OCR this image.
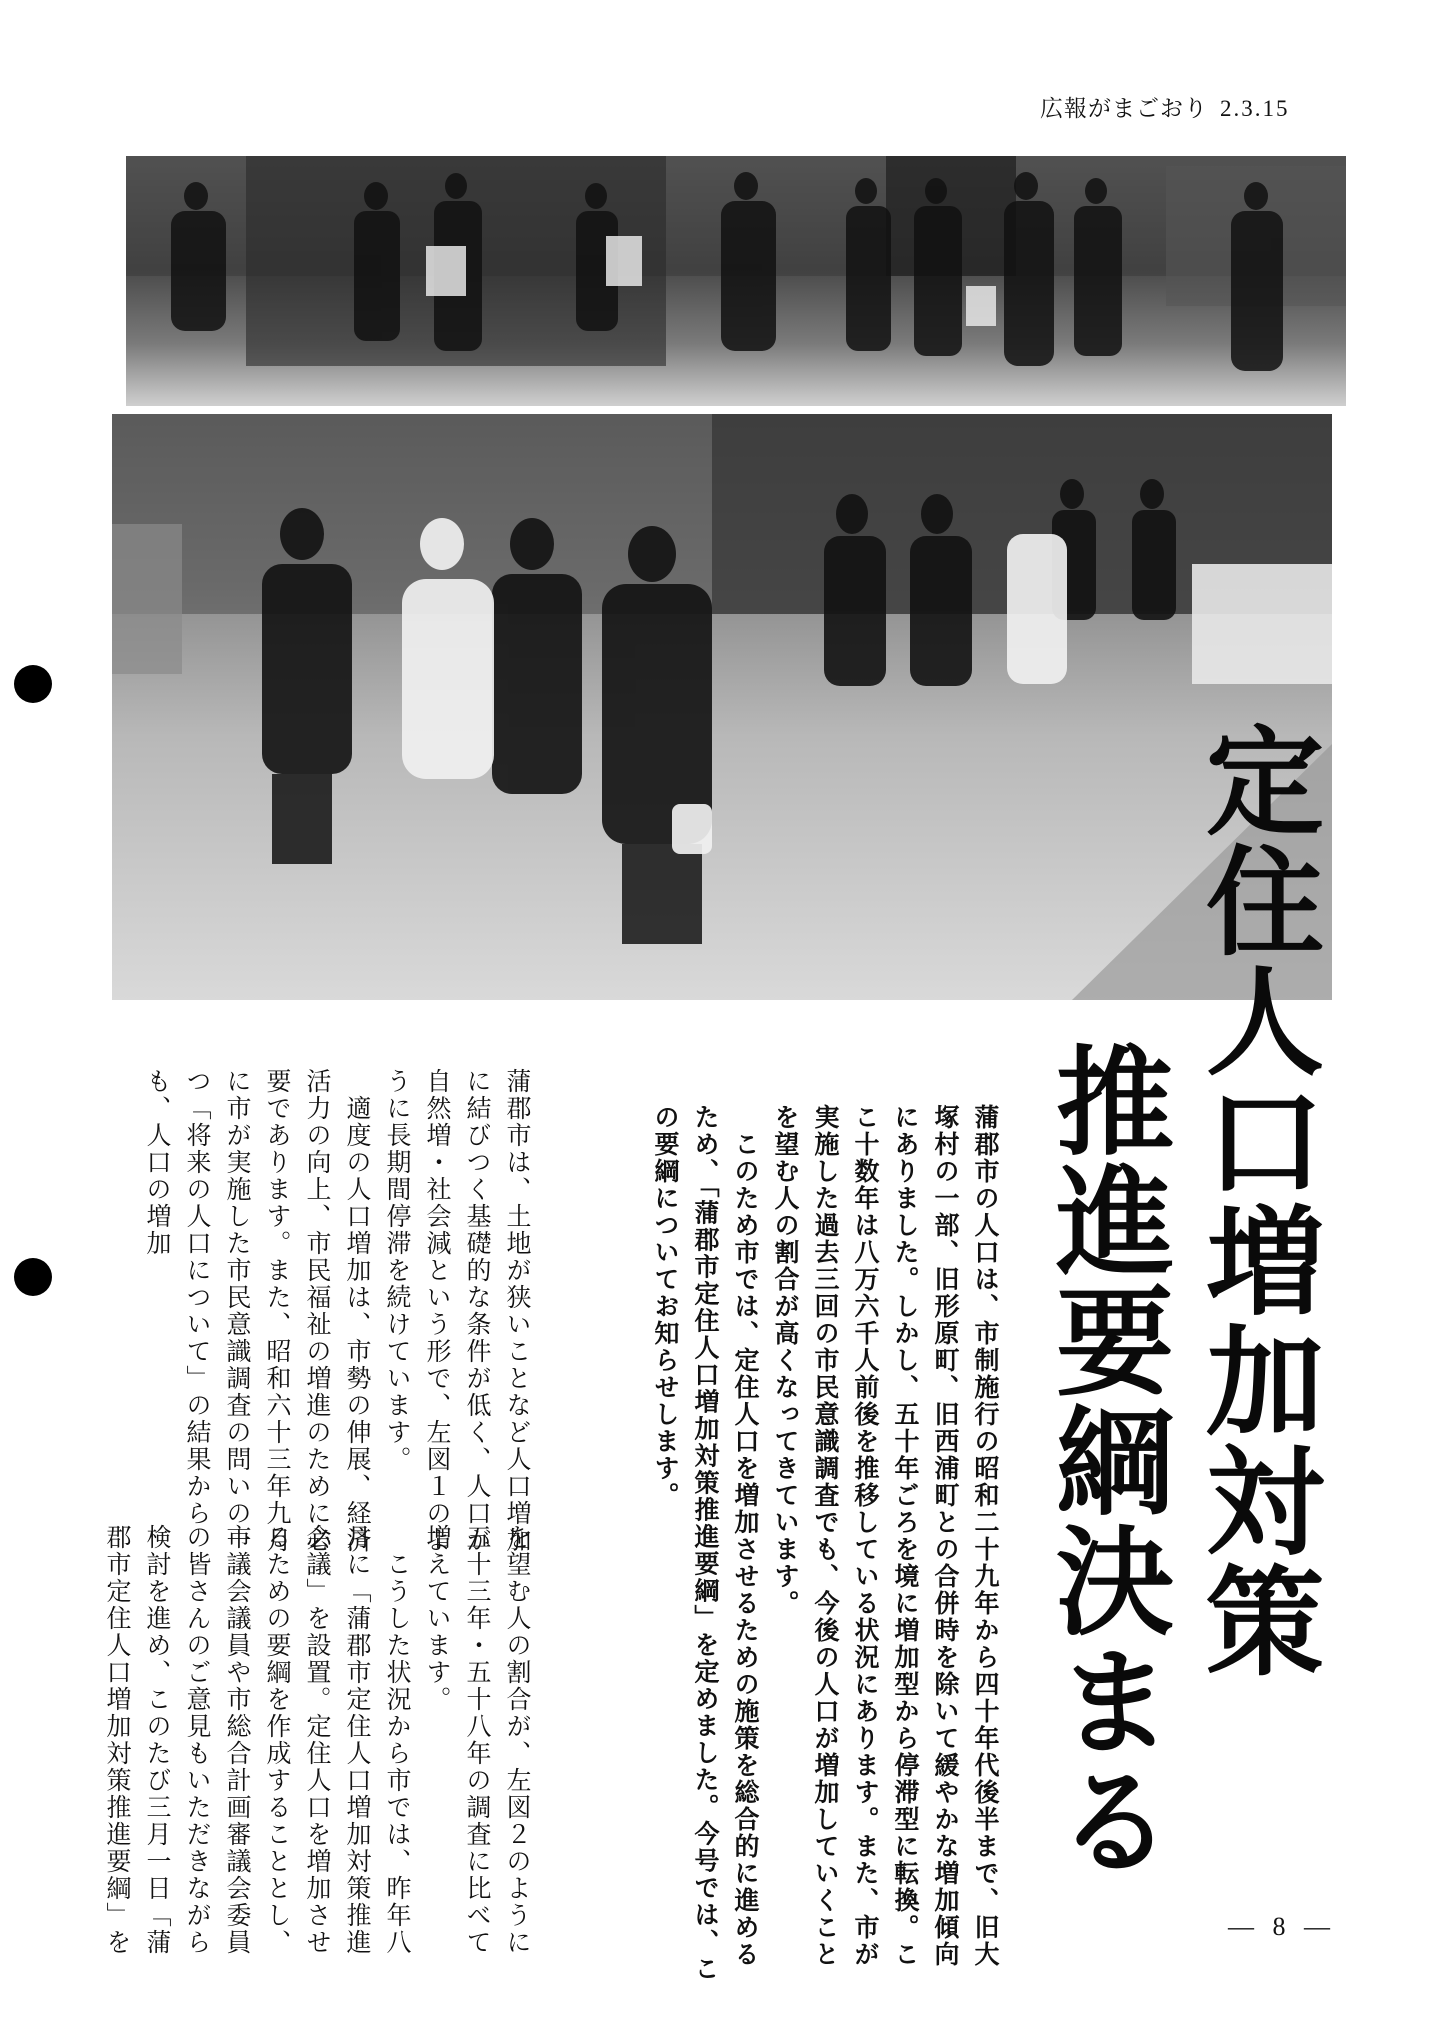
広報がまごおり 2.3.15
定住人口増加対策
推進要綱決まる
蒲郡市の人口は、市制施行の昭和二十九年から四十年代後半まで、旧大塚村の一部、旧形原町、旧西浦町との合併時を除いて緩やかな増加傾向にありました。しかし、五十年ごろを境に増加型から停滞型に転換。ここ十数年は八万六千人前後を推移している状況にあります。また、市が実施した過去三回の市民意識調査でも、今後の人口が増加していくことを望む人の割合が高くなってきています。
　このため市では、定住人口を増加させるための施策を総合的に進めるため、「蒲郡市定住人口増加対策推進要綱」を定めました。今号では、この要綱についてお知らせします。
蒲郡市は、土地が狭いことなど人口増加に結びつく基礎的な条件が低く、人口が自然増・社会減という形で、左図１のように長期間停滞を続けています。
　適度の人口増加は、市勢の伸展、経済活力の向上、市民福祉の増進のために必要であります。また、昭和六十三年九月に市が実施した市民意識調査の問いの一つ「将来の人口について」の結果からも、人口の増加
を望む人の割合が、左図２のように五十三年・五十八年の調査に比べて増えています。
　こうした状況から市では、昨年八月に「蒲郡市定住人口増加対策推進会議」を設置。定住人口を増加させるための要綱を作成することとし、市議会議員や市総合計画審議会委員の皆さんのご意見もいただきながら検討を進め、このたび三月一日「蒲郡市定住人口増加対策推進要綱」を	— 8 —
